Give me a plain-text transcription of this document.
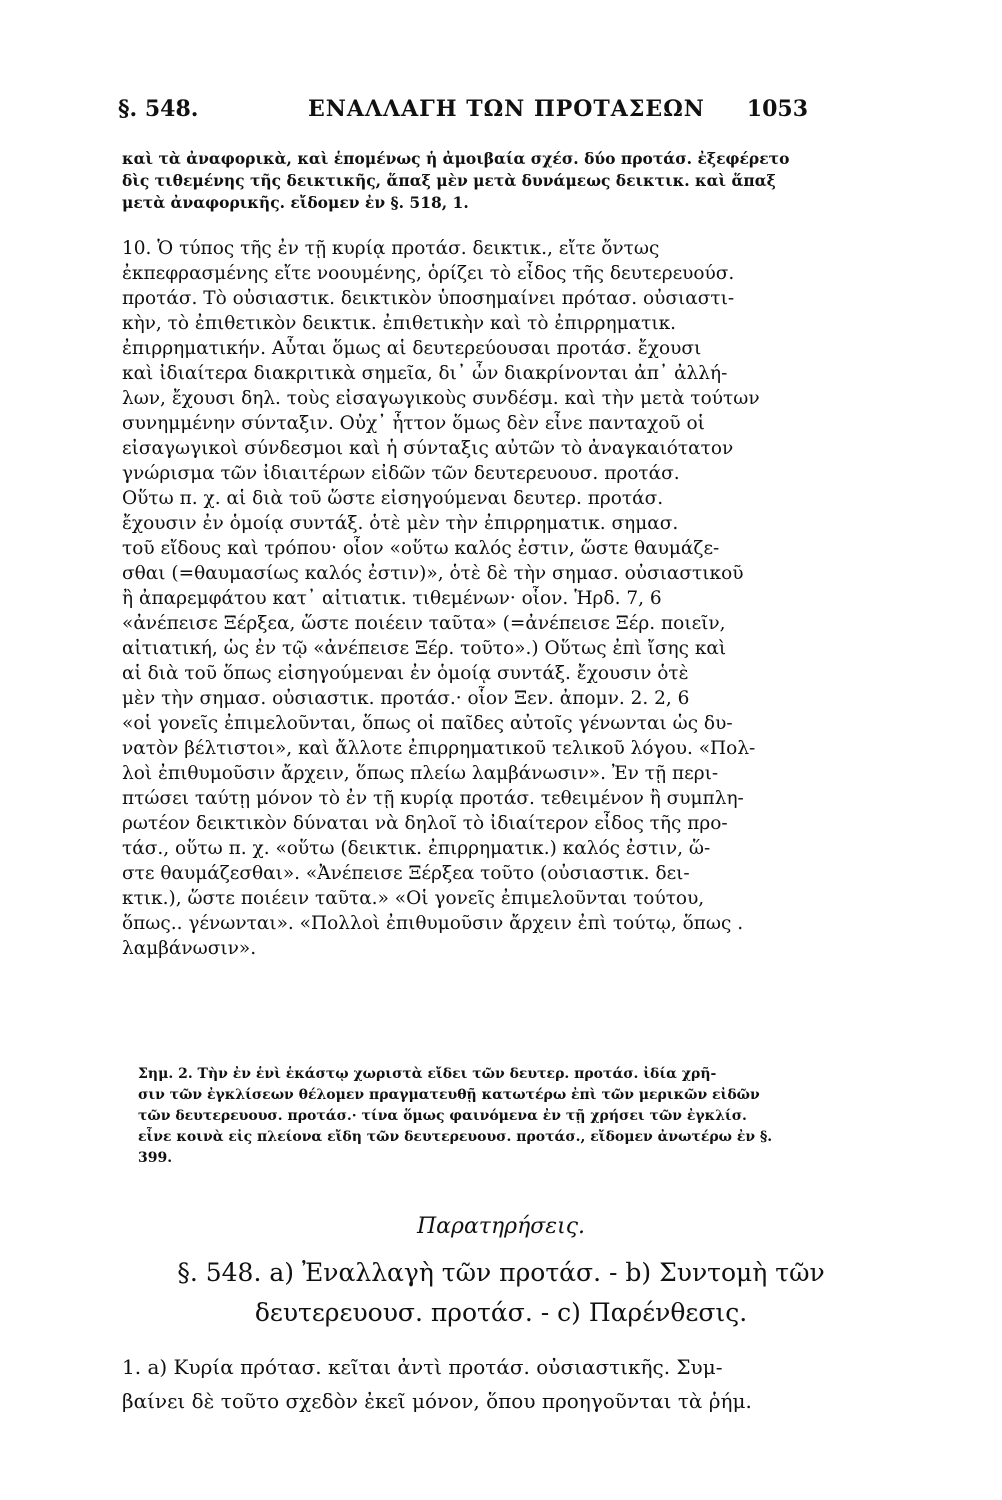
§. 548.	ΕΝΑΛΛΑΓΗ ΤΩΝ ΠΡΟΤΑΣΕΩΝ 1053
καὶ τὰ ἀναφορικὰ, καὶ ἑπομένως ἡ ἀμοιβαία σχέσ. δύο προτάσ. ἐξεφέρετο
δὶς τιθεμένης τῆς δεικτικῆς, ἅπαξ μὲν μετὰ δυνάμεως δεικτικ. καὶ ἅπαξ
μετὰ ἀναφορικῆς. εἴδομεν ἐν §. 518, 1.
10. Ὁ τύπος τῆς ἐν τῇ κυρίᾳ προτάσ. δεικτικ., εἴτε ὄντως
ἐκπεφρασμένης εἴτε νοουμένης, ὁρίζει τὸ εἶδος τῆς δευτερευούσ.
προτάσ. Τὸ οὐσιαστικ. δεικτικὸν ὑποσημαίνει πρότασ. οὐσιαστι-
κὴν, τὸ ἐπιθετικὸν δεικτικ. ἐπιθετικὴν καὶ τὸ ἐπιρρηματικ.
ἐπιρρηματικήν. Αὗται ὅμως αἱ δευτερεύουσαι προτάσ. ἔχουσι
καὶ ἰδιαίτερα διακριτικὰ σημεῖα, δι᾽ ὧν διακρίνονται ἀπ᾽ ἀλλή-
λων, ἔχουσι δηλ. τοὺς εἰσαγωγικοὺς συνδέσμ. καὶ τὴν μετὰ τούτων
συνημμένην σύνταξιν. Οὐχ᾽ ἧττον ὅμως δὲν εἶνε πανταχοῦ οἱ
εἰσαγωγικοὶ σύνδεσμοι καὶ ἡ σύνταξις αὐτῶν τὸ ἀναγκαιότατον
γνώρισμα τῶν ἰδιαιτέρων εἰδῶν τῶν δευτερευουσ. προτάσ.
Οὕτω π. χ. αἱ διὰ τοῦ ὥστε εἰσηγούμεναι δευτερ. προτάσ.
ἔχουσιν ἐν ὁμοίᾳ συντάξ. ὁτὲ μὲν τὴν ἐπιρρηματικ. σημασ.
τοῦ εἴδους καὶ τρόπου· οἷον «οὕτω καλός ἐστιν, ὥστε θαυμάζε-
σθαι (=θαυμασίως καλός ἐστιν)», ὁτὲ δὲ τὴν σημασ. οὐσιαστικοῦ
ἢ ἀπαρεμφάτου κατ᾽ αἰτιατικ. τιθεμένων· οἷον. Ἡρδ. 7, 6
«ἀνέπεισε Ξέρξεα, ὥστε ποιέειν ταῦτα» (=ἀνέπεισε Ξέρ. ποιεῖν,
αἰτιατική, ὡς ἐν τῷ «ἀνέπεισε Ξέρ. τοῦτο».) Οὕτως ἐπὶ ἴσης καὶ
αἱ διὰ τοῦ ὅπως εἰσηγούμεναι ἐν ὁμοίᾳ συντάξ. ἔχουσιν ὁτὲ
μὲν τὴν σημασ. οὐσιαστικ. προτάσ.· οἷον Ξεν. ἀπομν. 2. 2, 6
«οἱ γονεῖς ἐπιμελοῦνται, ὅπως οἱ παῖδες αὐτοῖς γένωνται ὡς δυ-
νατὸν βέλτιστοι», καὶ ἄλλοτε ἐπιρρηματικοῦ τελικοῦ λόγου. «Πολ-
λοὶ ἐπιθυμοῦσιν ἄρχειν, ὅπως πλείω λαμβάνωσιν». Ἐν τῇ περι-
πτώσει ταύτῃ μόνον τὸ ἐν τῇ κυρίᾳ προτάσ. τεθειμένον ἢ συμπλη-
ρωτέον δεικτικὸν δύναται νὰ δηλοῖ τὸ ἰδιαίτερον εἶδος τῆς προ-
τάσ., οὕτω π. χ. «οὕτω (δεικτικ. ἐπιρρηματικ.) καλός ἐστιν, ὥ-
στε θαυμάζεσθαι». «Ἀνέπεισε Ξέρξεα τοῦτο (οὐσιαστικ. δει-
κτικ.), ὥστε ποιέειν ταῦτα.» «Οἱ γονεῖς ἐπιμελοῦνται τούτου,
ὅπως.. γένωνται». «Πολλοὶ ἐπιθυμοῦσιν ἄρχειν ἐπὶ τούτῳ, ὅπως .
λαμβάνωσιν».
Σημ. 2. Τὴν ἐν ἑνὶ ἑκάστῳ χωριστὰ εἴδει τῶν δευτερ. προτάσ. ἰδία χρῆ-
σιν τῶν ἐγκλίσεων θέλομεν πραγματευθῇ κατωτέρω ἐπὶ τῶν μερικῶν εἰδῶν
τῶν δευτερευουσ. προτάσ.· τίνα ὅμως φαινόμενα ἐν τῇ χρήσει τῶν ἐγκλίσ.
εἶνε κοινὰ εἰς πλείονα εἴδη τῶν δευτερευουσ. προτάσ., εἴδομεν ἀνωτέρω ἐν §.
399.
Παρατηρήσεις.
§. 548. a) Ἐναλλαγὴ τῶν προτάσ. - b) Συντομὴ τῶν
δευτερευουσ. προτάσ. - c) Παρένθεσις.
1. a) Κυρία πρότασ. κεῖται ἀντὶ προτάσ. οὐσιαστικῆς. Συμ-
βαίνει δὲ τοῦτο σχεδὸν ἐκεῖ μόνον, ὅπου προηγοῦνται τὰ ῥήμ.
